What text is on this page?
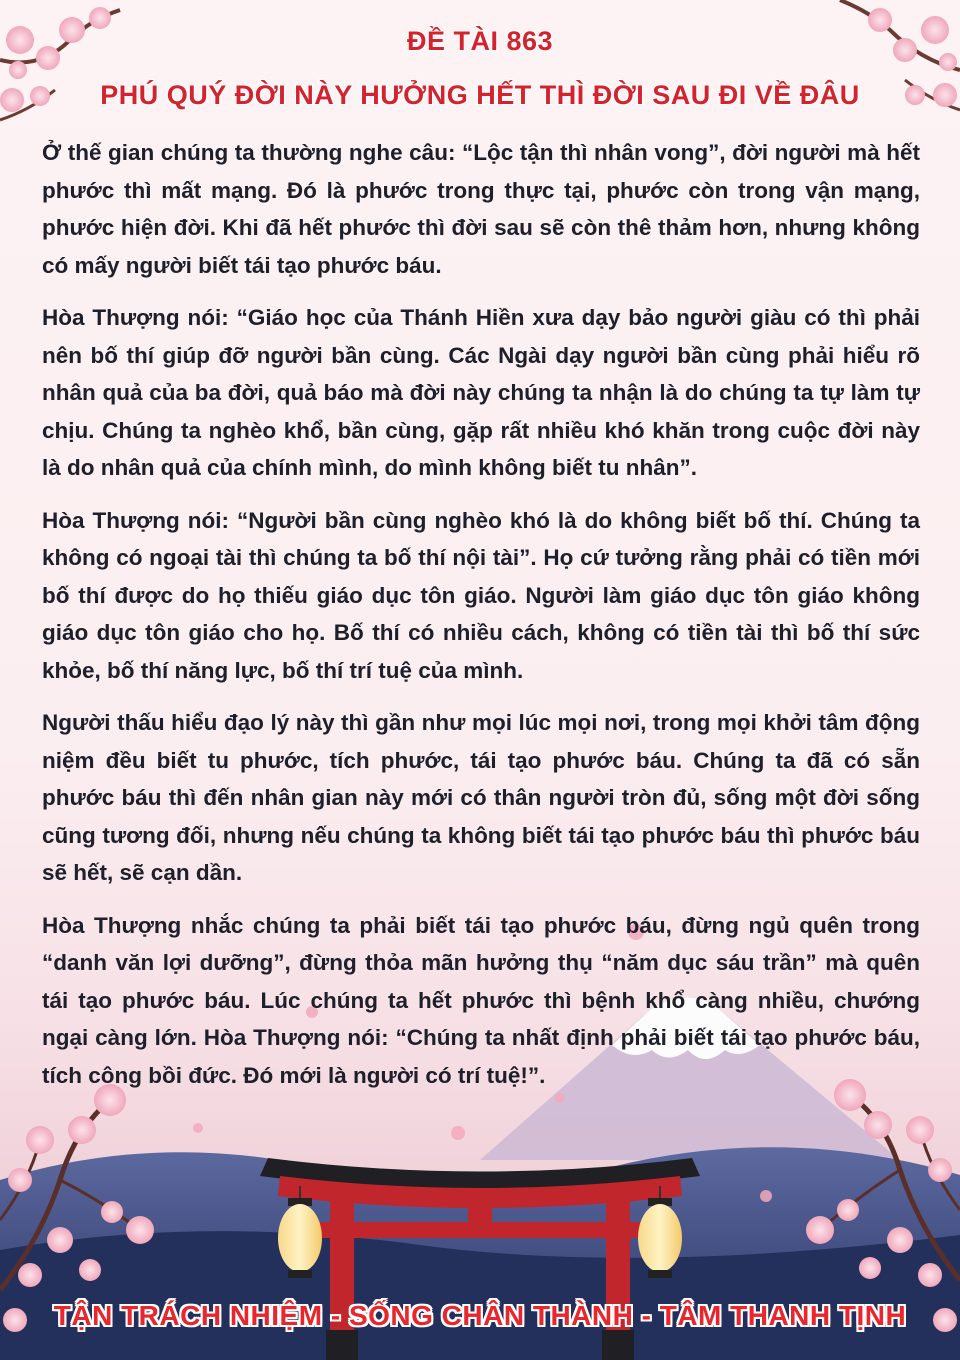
ĐỀ TÀI 863
PHÚ QUÝ ĐỜI NÀY HƯỞNG HẾT THÌ ĐỜI SAU ĐI VỀ ĐÂU

Ở thế gian chúng ta thường nghe câu: “Lộc tận thì nhân vong”, đời người mà hết phước thì mất mạng. Đó là phước trong thực tại, phước còn trong vận mạng, phước hiện đời. Khi đã hết phước thì đời sau sẽ còn thê thảm hơn, nhưng không có mấy người biết tái tạo phước báu.

Hòa Thượng nói: “Giáo học của Thánh Hiền xưa dạy bảo người giàu có thì phải nên bố thí giúp đỡ người bần cùng. Các Ngài dạy người bần cùng phải hiểu rõ nhân quả của ba đời, quả báo mà đời này chúng ta nhận là do chúng ta tự làm tự chịu. Chúng ta nghèo khổ, bần cùng, gặp rất nhiều khó khăn trong cuộc đời này là do nhân quả của chính mình, do mình không biết tu nhân”.

Hòa Thượng nói: “Người bần cùng nghèo khó là do không biết bố thí. Chúng ta không có ngoại tài thì chúng ta bố thí nội tài”. Họ cứ tưởng rằng phải có tiền mới bố thí được do họ thiếu giáo dục tôn giáo. Người làm giáo dục tôn giáo không giáo dục tôn giáo cho họ. Bố thí có nhiều cách, không có tiền tài thì bố thí sức khỏe, bố thí năng lực, bố thí trí tuệ của mình.

Người thấu hiểu đạo lý này thì gần như mọi lúc mọi nơi, trong mọi khởi tâm động niệm đều biết tu phước, tích phước, tái tạo phước báu. Chúng ta đã có sẵn phước báu thì đến nhân gian này mới có thân người tròn đủ, sống một đời sống cũng tương đối, nhưng nếu chúng ta không biết tái tạo phước báu thì phước báu sẽ hết, sẽ cạn dần.

Hòa Thượng nhắc chúng ta phải biết tái tạo phước báu, đừng ngủ quên trong “danh văn lợi dưỡng”, đừng thỏa mãn hưởng thụ “năm dục sáu trần” mà quên tái tạo phước báu. Lúc chúng ta hết phước thì bệnh khổ càng nhiều, chướng ngại càng lớn. Hòa Thượng nói: “Chúng ta nhất định phải biết tái tạo phước báu, tích công bồi đức. Đó mới là người có trí tuệ!”.

TẬN TRÁCH NHIỆM - SỐNG CHÂN THÀNH - TÂM THANH TỊNH
